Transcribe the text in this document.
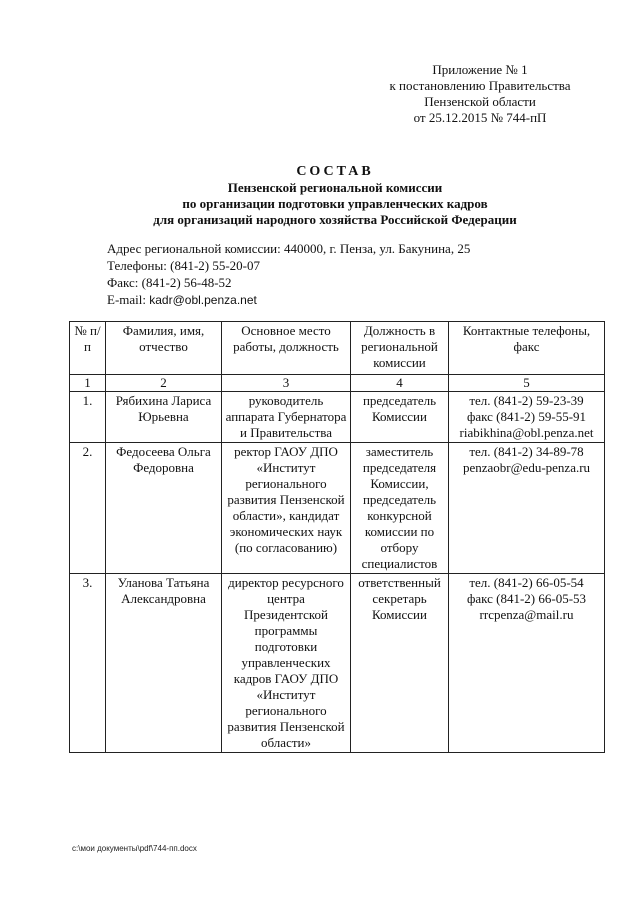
Приложение № 1
к постановлению Правительства
Пензенской области
от 25.12.2015 № 744-пП
СОСТАВ
Пензенской региональной комиссии
по организации подготовки управленческих кадров
для организаций народного хозяйства Российской Федерации
Адрес региональной комиссии: 440000, г. Пенза, ул. Бакунина, 25
Телефоны: (841-2) 55-20-07
Факс: (841-2) 56-48-52
E-mail: kadr@obl.penza.net
№ п/п	Фамилия, имя, отчество	Основное место работы, должность	Должность в региональной комиссии	Контактные телефоны, факс
1	2	3	4	5
1.	Рябихина Лариса Юрьевна	руководитель аппарата Губернатора и Правительства	председатель Комиссии	тел. (841-2) 59-23-39
факс (841-2) 59-55-91
riabikhina@obl.penza.net

2.	Федосеева Ольга Федоровна	ректор ГАОУ ДПО «Институт регионального развития Пензенской области», кандидат экономических наук (по согласованию)	заместитель председателя Комиссии, председатель конкурсной комиссии по отбору специалистов	тел. (841-2) 34-89-78
penzaobr@edu-penza.ru

3.	Уланова Татьяна Александровна	директор ресурсного центра Президентской программы подготовки управленческих кадров ГАОУ ДПО «Институт регионального развития Пензенской области»	ответственный секретарь Комиссии	тел. (841-2) 66-05-54
факс (841-2) 66-05-53
rrcpenza@mail.ru
c:\мои документы\pdf\744-пп.docx
